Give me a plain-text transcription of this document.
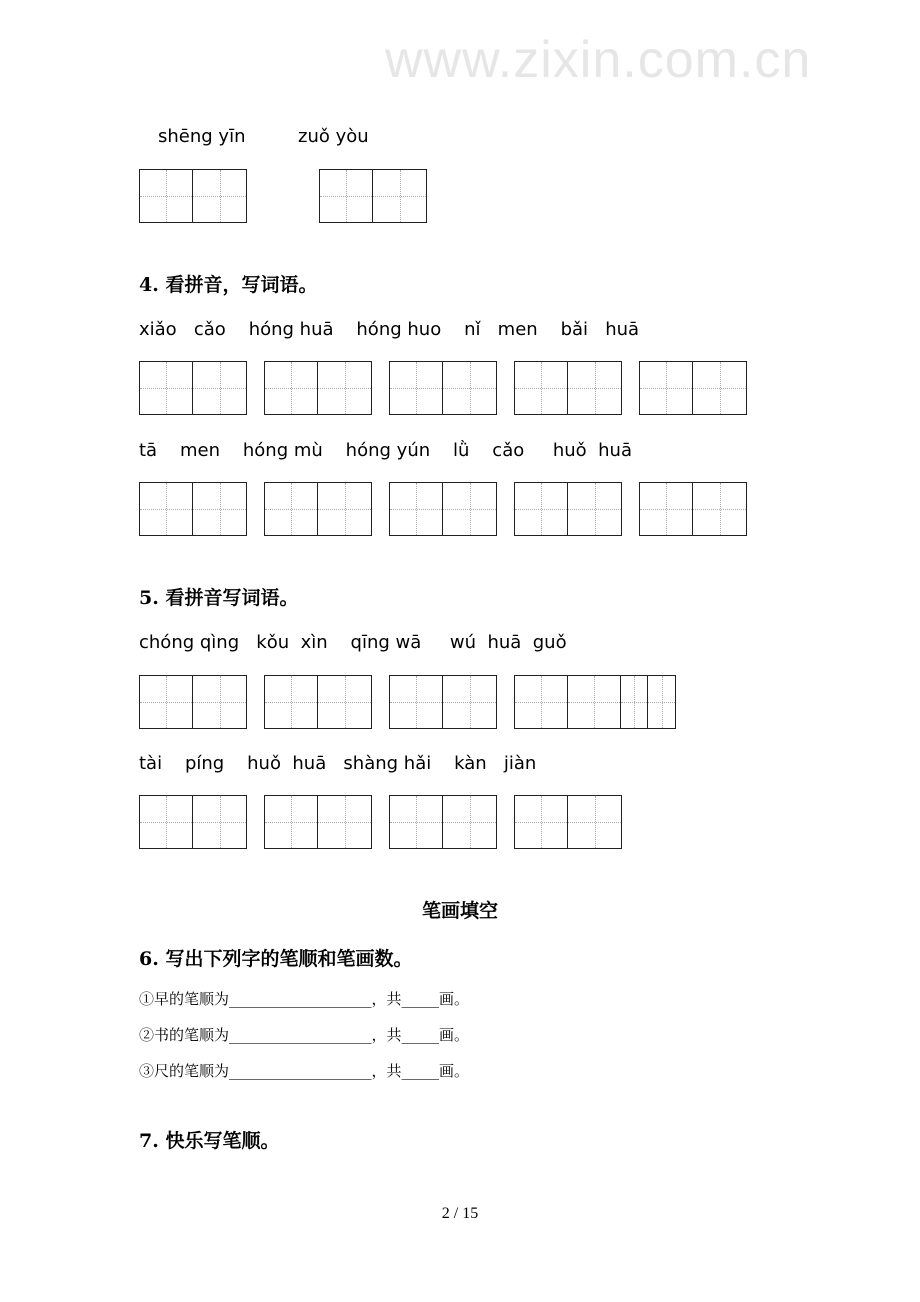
www.zixin.com.cn
shēng yīn	zuǒ yòu
4. 看拼音，写词语。
xiǎo   cǎo    hóng huā    hóng huo    nǐ   men    bǎi   huā
tā    men    hóng mù    hóng yún    lǜ    cǎo     huǒ  huā
5. 看拼音写词语。
chóng qìng   kǒu  xìn    qīng wā     wú  huā  guǒ
tài    píng    huǒ  huā   shàng hǎi    kàn   jiàn
笔画填空
6. 写出下列字的笔顺和笔画数。
①早的笔顺为___________________，共_____画。
②书的笔顺为___________________，共_____画。
③尺的笔顺为___________________，共_____画。
7. 快乐写笔顺。
2 / 15
